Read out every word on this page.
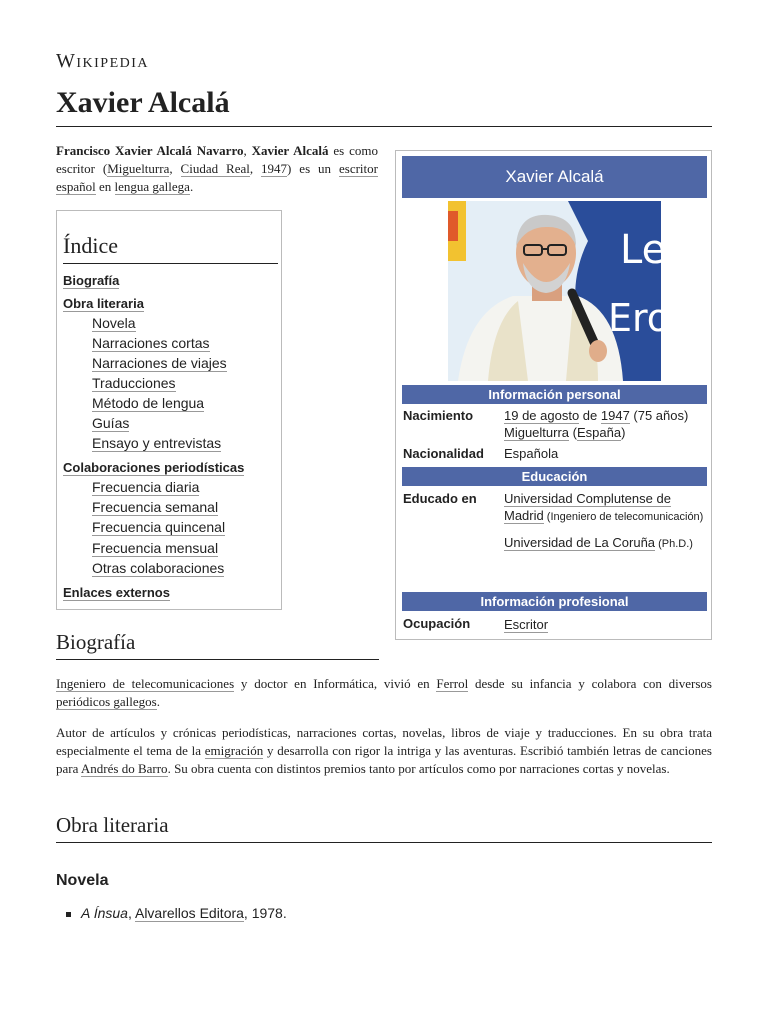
Wikipedia
Xavier Alcalá
Francisco Xavier Alcalá Navarro, Xavier Alcalá es como escritor (Miguelturra, Ciudad Real, 1947) es un escritor español en lengua gallega.
Índice
Biografía
Obra literaria
Novela
Narraciones cortas
Narraciones de viajes
Traducciones
Método de lengua
Guías
Ensayo y entrevistas
Colaboraciones periodísticas
Frecuencia diaria
Frecuencia semanal
Frecuencia quincenal
Frecuencia mensual
Otras colaboraciones
Enlaces externos
Xavier Alcalá
Le
Ero
Información personal
Nacimiento 19 de agosto de 1947 (75 años)
Miguelturra (España)
Nacionalidad Española
Educación
Educado en Universidad Complutense de Madrid (Ingeniero de telecomunicación)
Universidad de La Coruña (Ph.D.)
Información profesional
Ocupación	Escritor
Biografía
Ingeniero de telecomunicaciones y doctor en Informática, vivió en Ferrol desde su infancia y colabora con diversos periódicos gallegos.
Autor de artículos y crónicas periodísticas, narraciones cortas, novelas, libros de viaje y traducciones. En su obra trata especialmente el tema de la emigración y desarrolla con rigor la intriga y las aventuras. Escribió también letras de canciones para Andrés do Barro. Su obra cuenta con distintos premios tanto por artículos como por narraciones cortas y novelas.
Obra literaria
Novela
A Ínsua, Alvarellos Editora, 1978.
